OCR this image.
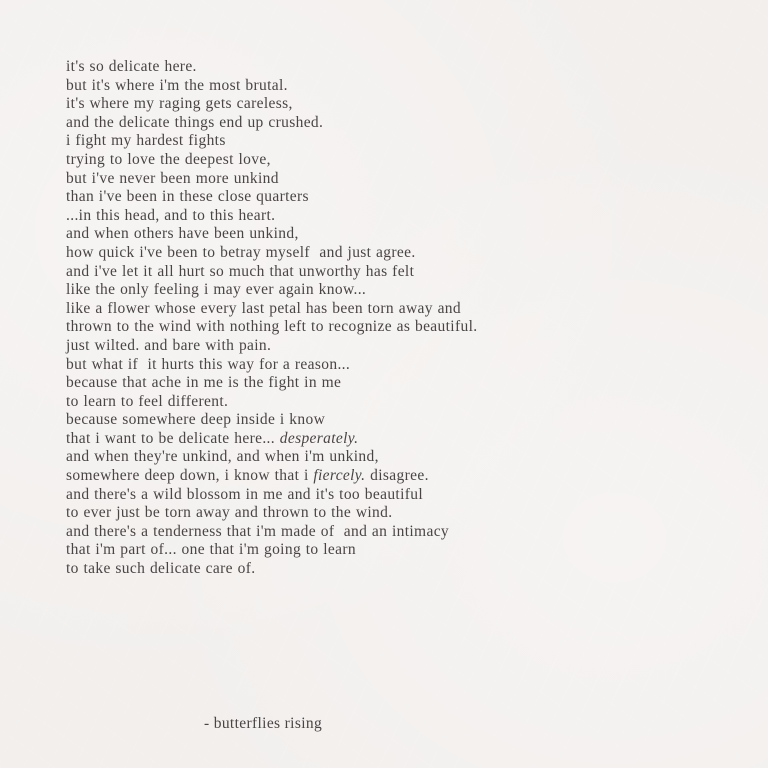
it's so delicate here.
but it's where i'm the most brutal.
it's where my raging gets careless,
and the delicate things end up crushed.
i fight my hardest fights
trying to love the deepest love,
but i've never been more unkind
than i've been in these close quarters
...in this head, and to this heart.
and when others have been unkind,
how quick i've been to betray myself  and just agree.
and i've let it all hurt so much that unworthy has felt
like the only feeling i may ever again know...
like a flower whose every last petal has been torn away and
thrown to the wind with nothing left to recognize as beautiful.
just wilted. and bare with pain.
but what if  it hurts this way for a reason...
because that ache in me is the fight in me
to learn to feel different.
because somewhere deep inside i know
that i want to be delicate here... desperately.
and when they're unkind, and when i'm unkind,
somewhere deep down, i know that i fiercely. disagree.
and there's a wild blossom in me and it's too beautiful
to ever just be torn away and thrown to the wind.
and there's a tenderness that i'm made of  and an intimacy
that i'm part of... one that i'm going to learn
to take such delicate care of.
- butterflies rising
